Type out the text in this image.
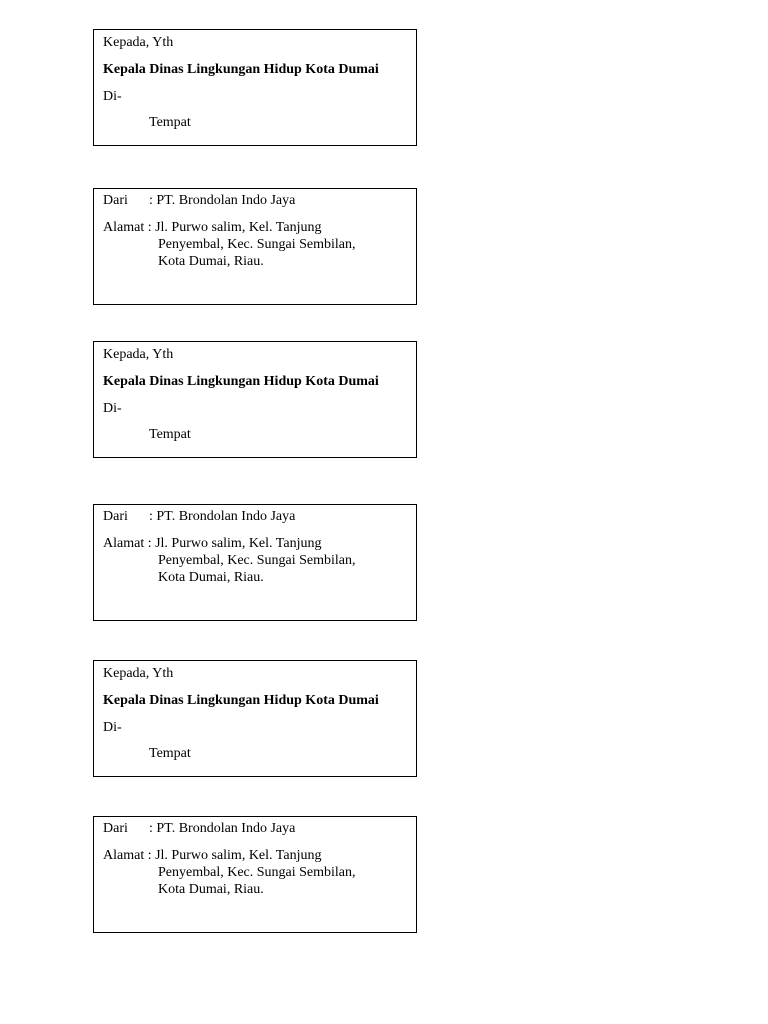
Kepada, Yth
Kepala Dinas Lingkungan Hidup Kota Dumai
Di-
Tempat
Dari : PT. Brondolan Indo Jaya
Alamat : Jl. Purwo salim, Kel. Tanjung
Penyembal, Kec. Sungai Sembilan,
Kota Dumai, Riau.
Kepada, Yth
Kepala Dinas Lingkungan Hidup Kota Dumai
Di-
Tempat
Dari : PT. Brondolan Indo Jaya
Alamat : Jl. Purwo salim, Kel. Tanjung
Penyembal, Kec. Sungai Sembilan,
Kota Dumai, Riau.
Kepada, Yth
Kepala Dinas Lingkungan Hidup Kota Dumai
Di-
Tempat
Dari : PT. Brondolan Indo Jaya
Alamat : Jl. Purwo salim, Kel. Tanjung
Penyembal, Kec. Sungai Sembilan,
Kota Dumai, Riau.
